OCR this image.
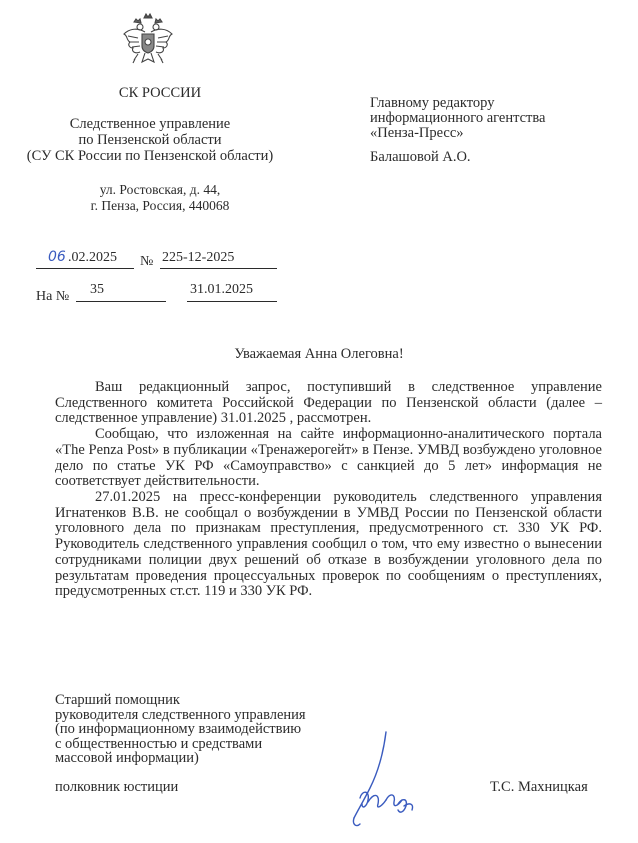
СК РОССИИ
Следственное управление
по Пензенской области
(СУ СК России по Пензенской области)
ул. Ростовская, д. 44,
г. Пенза, Россия, 440068
Главному редактору
информационного агентства
«Пенза-Пресс»
Балашовой А.О.
06 .02.2025 № 225-12-2025
На № 35	31.01.2025
Уважаемая Анна Олеговна!

Ваш редакционный запрос, поступивший в следственное управление Следственного комитета Российской Федерации по Пензенской области (далее – следственное управление) 31.01.2025 , рассмотрен.

Сообщаю, что изложенная на сайте информационно-аналитического портала «The Penza Post» в публикации «Тренажерогейт» в Пензе. УМВД возбуждено уголовное дело по статье УК РФ «Самоуправство» с санкцией до 5 лет» информация не соответствует действительности.

27.01.2025 на пресс-конференции руководитель следственного управления Игнатенков В.В. не сообщал о возбуждении в УМВД России по Пензенской области уголовного дела по признакам преступления, предусмотренного ст. 330 УК РФ. Руководитель следственного управления сообщил о том, что ему известно о вынесении сотрудниками полиции двух решений об отказе в возбуждении уголовного дела по результатам проведения процессуальных проверок по сообщениям о преступлениях, предусмотренных ст.ст. 119 и 330 УК РФ.

Старший помощник
руководителя следственного управления
(по информационному взаимодействию
с общественностью и средствами
массовой информации)
полковник юстиции	Т.С. Махницкая
